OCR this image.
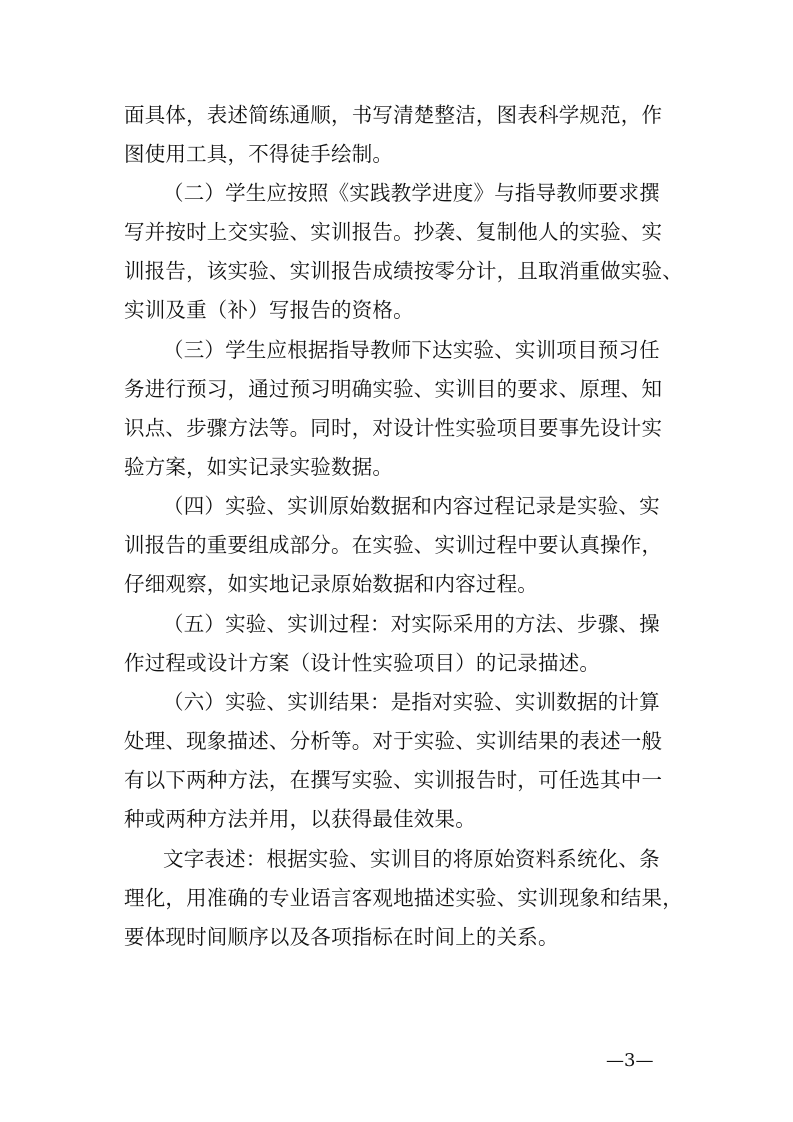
面具体，表述简练通顺，书写清楚整洁，图表科学规范，作
图使用工具，不得徒手绘制。
（二）学生应按照《实践教学进度》与指导教师要求撰
写并按时上交实验、实训报告。抄袭、复制他人的实验、实
训报告，该实验、实训报告成绩按零分计，且取消重做实验、
实训及重（补）写报告的资格。
（三）学生应根据指导教师下达实验、实训项目预习任
务进行预习，通过预习明确实验、实训目的要求、原理、知
识点、步骤方法等。同时，对设计性实验项目要事先设计实
验方案，如实记录实验数据。
（四）实验、实训原始数据和内容过程记录是实验、实
训报告的重要组成部分。在实验、实训过程中要认真操作，
仔细观察，如实地记录原始数据和内容过程。
（五）实验、实训过程：对实际采用的方法、步骤、操
作过程或设计方案（设计性实验项目）的记录描述。
（六）实验、实训结果：是指对实验、实训数据的计算
处理、现象描述、分析等。对于实验、实训结果的表述一般
有以下两种方法，在撰写实验、实训报告时，可任选其中一
种或两种方法并用，以获得最佳效果。
文字表述：根据实验、实训目的将原始资料系统化、条
理化，用准确的专业语言客观地描述实验、实训现象和结果，
要体现时间顺序以及各项指标在时间上的关系。
—3—
